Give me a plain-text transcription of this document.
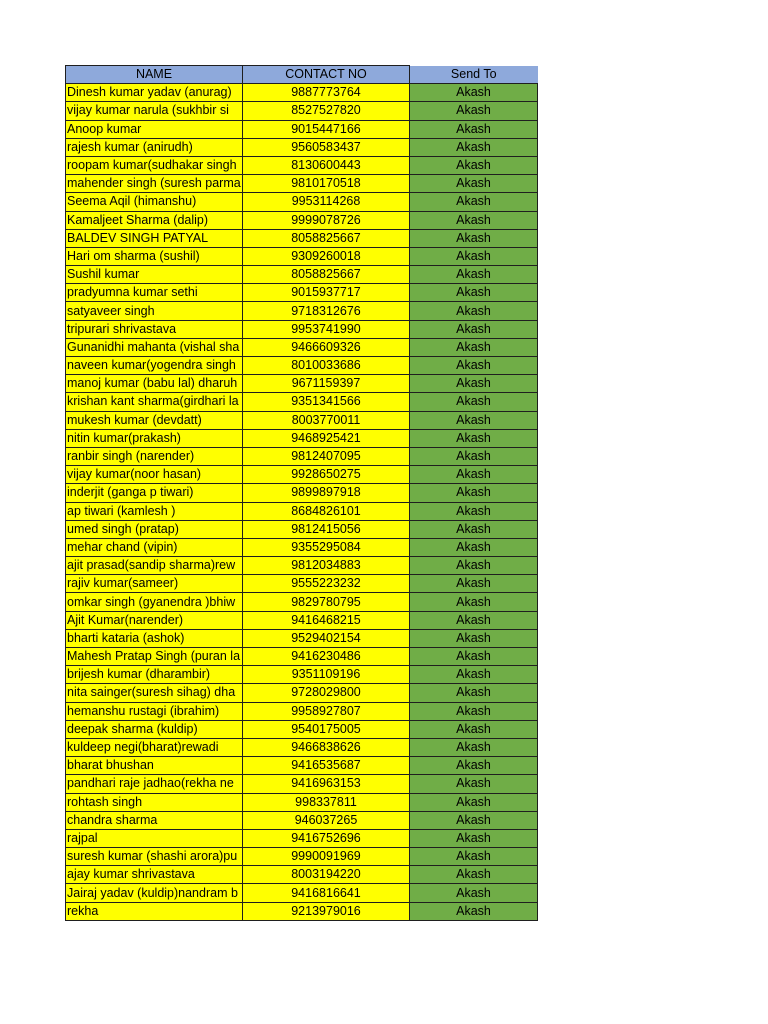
NAME	CONTACT NO	Send To
Dinesh kumar yadav (anurag)	9887773764	Akash
vijay kumar narula (sukhbir si	8527527820	Akash
Anoop kumar	9015447166	Akash
rajesh kumar (anirudh)	9560583437	Akash
roopam kumar(sudhakar singh	8130600443	Akash
mahender singh (suresh parma	9810170518	Akash
Seema Aqil (himanshu)	9953114268	Akash
Kamaljeet Sharma (dalip)	9999078726	Akash
BALDEV SINGH PATYAL	8058825667	Akash
Hari om sharma (sushil)	9309260018	Akash
Sushil kumar	8058825667	Akash
pradyumna kumar sethi	9015937717	Akash
satyaveer singh	9718312676	Akash
tripurari shrivastava	9953741990	Akash
Gunanidhi mahanta (vishal sha	9466609326	Akash
naveen kumar(yogendra singh	8010033686	Akash
manoj kumar (babu lal) dharuh	9671159397	Akash
krishan kant sharma(girdhari la	9351341566	Akash
mukesh kumar (devdatt)	8003770011	Akash
nitin kumar(prakash)	9468925421	Akash
ranbir singh (narender)	9812407095	Akash
vijay kumar(noor hasan)	9928650275	Akash
inderjit (ganga p tiwari)	9899897918	Akash
ap tiwari (kamlesh )	8684826101	Akash
umed singh (pratap)	9812415056	Akash
mehar chand (vipin)	9355295084	Akash
ajit prasad(sandip sharma)rew	9812034883	Akash
rajiv kumar(sameer)	9555223232	Akash
omkar singh (gyanendra )bhiw	9829780795	Akash
Ajit Kumar(narender)	9416468215	Akash
bharti kataria (ashok)	9529402154	Akash
Mahesh Pratap Singh (puran la	9416230486	Akash
brijesh kumar (dharambir)	9351109196	Akash
nita sainger(suresh sihag) dha	9728029800	Akash
hemanshu rustagi (ibrahim)	9958927807	Akash
deepak sharma (kuldip)	9540175005	Akash
kuldeep negi(bharat)rewadi	9466838626	Akash
bharat bhushan	9416535687	Akash
pandhari raje jadhao(rekha ne	9416963153	Akash
rohtash singh	998337811	Akash
chandra sharma	946037265	Akash
rajpal	9416752696	Akash
suresh kumar (shashi arora)pu	9990091969	Akash
ajay kumar shrivastava	8003194220	Akash
Jairaj yadav (kuldip)nandram b	9416816641	Akash
rekha	9213979016	Akash
